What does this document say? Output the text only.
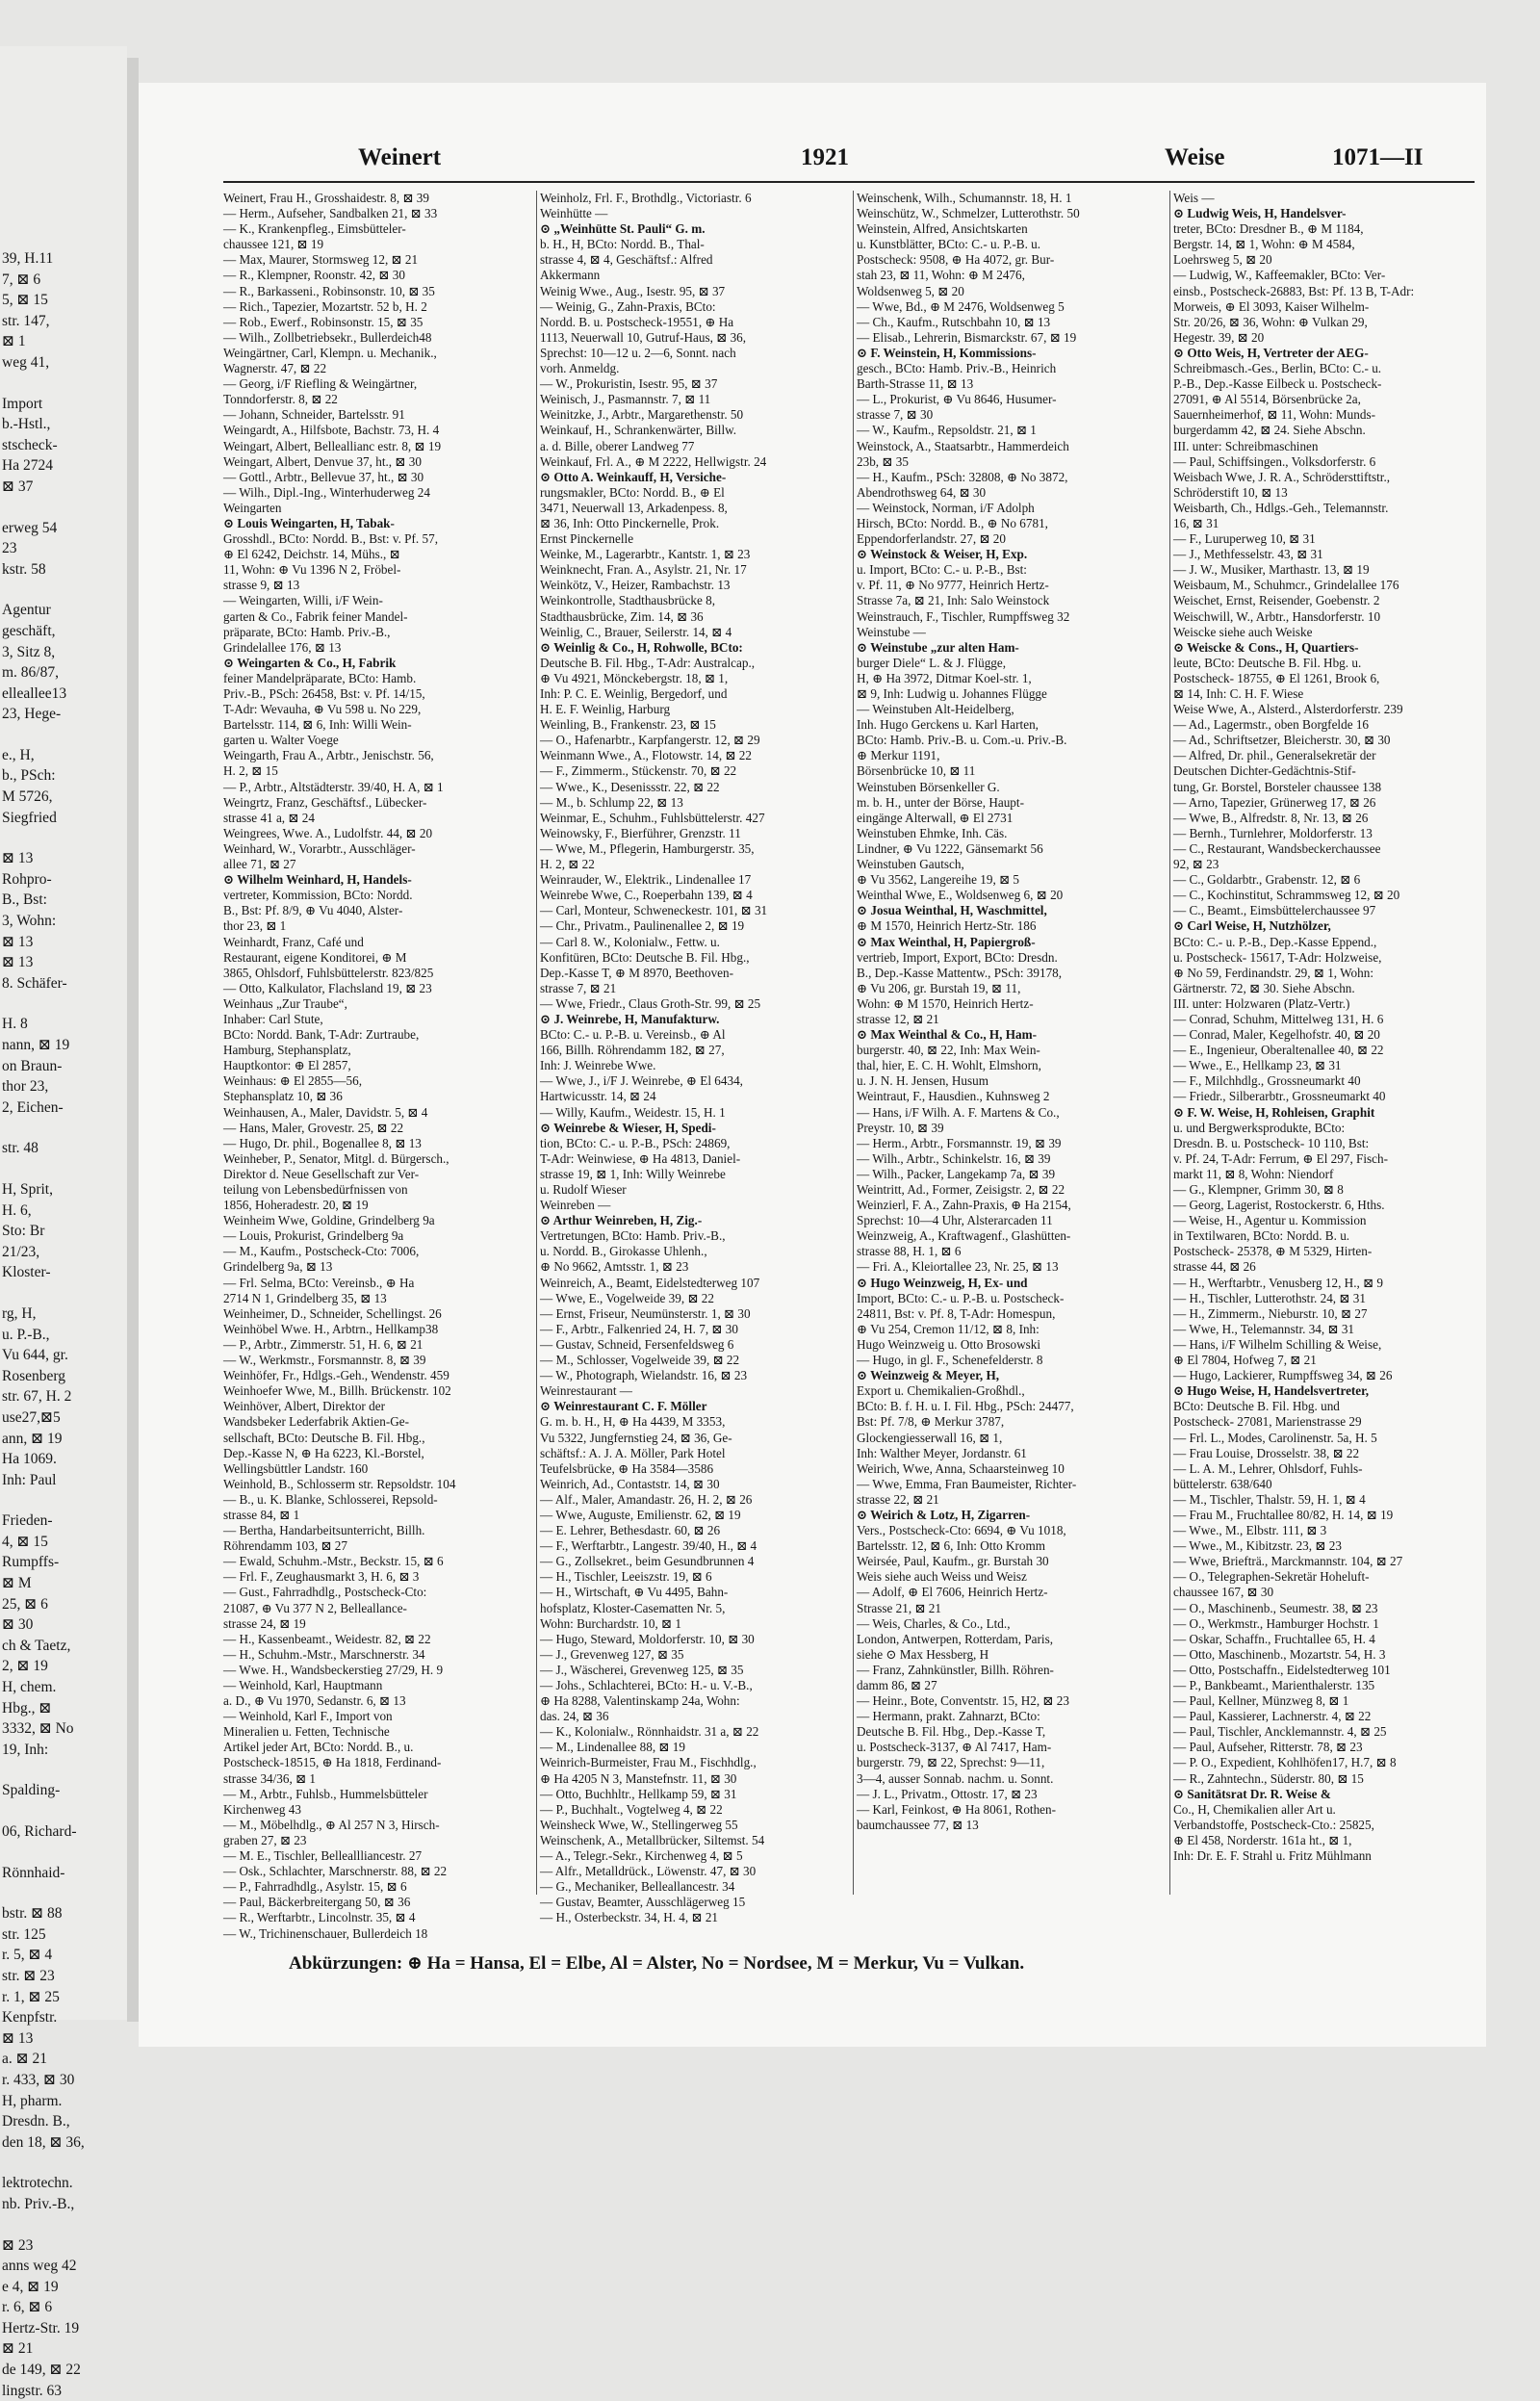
39, H.11
7, ⊠ 6
5, ⊠ 15
str. 147,
⊠ 1
weg 41,
Import
b.-Hstl.,
stscheck-
Ha 2724
⊠ 37
erweg 54
23
kstr. 58
Agentur
geschäft,
3, Sitz 8,
m. 86/87,
elleallee13
23, Hege-
e., H,
b., PSch:
M 5726,
Siegfried
⊠ 13
Rohpro-
B., Bst:
3, Wohn:
⊠ 13
⊠ 13
8. Schäfer-
H. 8
nann, ⊠ 19
on Braun-
thor 23,
2, Eichen-
str. 48
H, Sprit,
H. 6,
Sto: Br
21/23,
Kloster-
rg, H,
u. P.-B.,
Vu 644, gr.
Rosenberg
str. 67, H. 2
use27,⊠5
ann, ⊠ 19
Ha 1069.
Inh: Paul
Frieden-
4, ⊠ 15
Rumpffs-
⊠ M
25, ⊠ 6
⊠ 30
ch & Taetz,
2, ⊠ 19
H, chem.
Hbg., ⊠
3332, ⊠ No
19, Inh:
Spalding-
06, Richard-
Rönnhaid-
bstr. ⊠ 88
str. 125
r. 5, ⊠ 4
str. ⊠ 23
r. 1, ⊠ 25
Kenpfstr.
⊠ 13
a. ⊠ 21
r. 433, ⊠ 30
H, pharm.
Dresdn. B.,
den 18, ⊠ 36,
lektrotechn.
nb. Priv.-B.,
⊠ 23
anns weg 42
e 4, ⊠ 19
r. 6, ⊠ 6
Hertz-Str. 19
⊠ 21
de 149, ⊠ 22
lingstr. 63
Weinert	1921	Weise	1071—II
Weinert, Frau H., Grosshaidestr. 8, ⊠ 39
— Herm., Aufseher, Sandbalken 21, ⊠ 33
— K., Krankenpfleg., Eimsbütteler-
chaussee 121, ⊠ 19
— Max, Maurer, Stormsweg 12, ⊠ 21
— R., Klempner, Roonstr. 42, ⊠ 30
— R., Barkasseni., Robinsonstr. 10, ⊠ 35
— Rich., Tapezier, Mozartstr. 52 b, H. 2
— Rob., Ewerf., Robinsonstr. 15, ⊠ 35
— Wilh., Zollbetriebsekr., Bullerdeich48
Weingärtner, Carl, Klempn. u. Mechanik.,
Wagnerstr. 47, ⊠ 22
— Georg, i/F Riefling & Weingärtner,
Tonndorferstr. 8, ⊠ 22
— Johann, Schneider, Bartelsstr. 91
Weingardt, A., Hilfsbote, Bachstr. 73, H. 4
Weingart, Albert, Belleallianc estr. 8, ⊠ 19
Weingart, Albert, Denvue 37, ht., ⊠ 30
— Gottl., Arbtr., Bellevue 37, ht., ⊠ 30
— Wilh., Dipl.-Ing., Winterhuderweg 24
Weingarten
⊙ Louis Weingarten, H, Tabak-
Grosshdl., BCto: Nordd. B., Bst: v. Pf. 57,
⊕ El 6242, Deichstr. 14, Mühs., ⊠
11, Wohn: ⊕ Vu 1396 N 2, Fröbel-
strasse 9, ⊠ 13
— Weingarten, Willi, i/F Wein-
garten & Co., Fabrik feiner Mandel-
präparate, BCto: Hamb. Priv.-B.,
Grindelallee 176, ⊠ 13
⊙ Weingarten & Co., H, Fabrik
feiner Mandelpräparate, BCto: Hamb.
Priv.-B., PSch: 26458, Bst: v. Pf. 14/15,
T-Adr: Wevauha, ⊕ Vu 598 u. No 229,
Bartelsstr. 114, ⊠ 6, Inh: Willi Wein-
garten u. Walter Voege
Weingarth, Frau A., Arbtr., Jenischstr. 56,
H. 2, ⊠ 15
— P., Arbtr., Altstädterstr. 39/40, H. A, ⊠ 1
Weingrtz, Franz, Geschäftsf., Lübecker-
strasse 41 a, ⊠ 24
Weingrees, Wwe. A., Ludolfstr. 44, ⊠ 20
Weinhard, W., Vorarbtr., Ausschläger-
allee 71, ⊠ 27
⊙ Wilhelm Weinhard, H, Handels-
vertreter, Kommission, BCto: Nordd.
B., Bst: Pf. 8/9, ⊕ Vu 4040, Alster-
thor 23, ⊠ 1
Weinhardt, Franz, Café und
Restaurant, eigene Konditorei, ⊕ M
3865, Ohlsdorf, Fuhlsbüttelerstr. 823/825
— Otto, Kalkulator, Flachsland 19, ⊠ 23
Weinhaus „Zur Traube“,
Inhaber: Carl Stute,
BCto: Nordd. Bank, T-Adr: Zurtraube,
Hamburg, Stephansplatz,
Hauptkontor: ⊕ El 2857,
Weinhaus: ⊕ El 2855—56,
Stephansplatz 10, ⊠ 36
Weinhausen, A., Maler, Davidstr. 5, ⊠ 4
— Hans, Maler, Grovestr. 25, ⊠ 22
— Hugo, Dr. phil., Bogenallee 8, ⊠ 13
Weinheber, P., Senator, Mitgl. d. Bürgersch.,
Direktor d. Neue Gesellschaft zur Ver-
teilung von Lebensbedürfnissen von
1856, Hoheradestr. 20, ⊠ 19
Weinheim Wwe, Goldine, Grindelberg 9a
— Louis, Prokurist, Grindelberg 9a
— M., Kaufm., Postscheck-Cto: 7006,
Grindelberg 9a, ⊠ 13
— Frl. Selma, BCto: Vereinsb., ⊕ Ha
2714 N 1, Grindelberg 35, ⊠ 13
Weinheimer, D., Schneider, Schellingst. 26
Weinhöbel Wwe. H., Arbtrn., Hellkamp38
— P., Arbtr., Zimmerstr. 51, H. 6, ⊠ 21
— W., Werkmstr., Forsmannstr. 8, ⊠ 39
Weinhöfer, Fr., Hdlgs.-Geh., Wendenstr. 459
Weinhoefer Wwe, M., Billh. Brückenstr. 102
Weinhöver, Albert, Direktor der
Wandsbeker Lederfabrik Aktien-Ge-
sellschaft, BCto: Deutsche B. Fil. Hbg.,
Dep.-Kasse N, ⊕ Ha 6223, Kl.-Borstel,
Wellingsbüttler Landstr. 160
Weinhold, B., Schlosserm str. Repsoldstr. 104
— B., u. K. Blanke, Schlosserei, Repsold-
strasse 84, ⊠ 1
— Bertha, Handarbeitsunterricht, Billh.
Röhrendamm 103, ⊠ 27
— Ewald, Schuhm.-Mstr., Beckstr. 15, ⊠ 6
— Frl. F., Zeughausmarkt 3, H. 6, ⊠ 3
— Gust., Fahrradhdlg., Postscheck-Cto:
21087, ⊕ Vu 377 N 2, Belleallance-
strasse 24, ⊠ 19
— H., Kassenbeamt., Weidestr. 82, ⊠ 22
— H., Schuhm.-Mstr., Marschnerstr. 34
— Wwe. H., Wandsbeckerstieg 27/29, H. 9
— Weinhold, Karl, Hauptmann
a. D., ⊕ Vu 1970, Sedanstr. 6, ⊠ 13
— Weinhold, Karl F., Import von
Mineralien u. Fetten, Technische
Artikel jeder Art, BCto: Nordd. B., u.
Postscheck-18515, ⊕ Ha 1818, Ferdinand-
strasse 34/36, ⊠ 1
— M., Arbtr., Fuhlsb., Hummelsbütteler
Kirchenweg 43
— M., Möbelhdlg., ⊕ Al 257 N 3, Hirsch-
graben 27, ⊠ 23
— M. E., Tischler, Belleallliancestr. 27
— Osk., Schlachter, Marschnerstr. 88, ⊠ 22
— P., Fahrradhdlg., Asylstr. 15, ⊠ 6
— Paul, Bäckerbreitergang 50, ⊠ 36
— R., Werftarbtr., Lincolnstr. 35, ⊠ 4
— W., Trichinenschauer, Bullerdeich 18
Weinholz, Frl. F., Brothdlg., Victoriastr. 6
Weinhütte —
⊙ „Weinhütte St. Pauli“ G. m.
b. H., H, BCto: Nordd. B., Thal-
strasse 4, ⊠ 4, Geschäftsf.: Alfred
Akkermann
Weinig Wwe., Aug., Isestr. 95, ⊠ 37
— Weinig, G., Zahn-Praxis, BCto:
Nordd. B. u. Postscheck-19551, ⊕ Ha
1113, Neuerwall 10, Gutruf-Haus, ⊠ 36,
Sprechst: 10—12 u. 2—6, Sonnt. nach
vorh. Anmeldg.
— W., Prokuristin, Isestr. 95, ⊠ 37
Weinisch, J., Pasmannstr. 7, ⊠ 11
Weinitzke, J., Arbtr., Margarethenstr. 50
Weinkauf, H., Schrankenwärter, Billw.
a. d. Bille, oberer Landweg 77
Weinkauf, Frl. A., ⊕ M 2222, Hellwigstr. 24
⊙ Otto A. Weinkauff, H, Versiche-
rungsmakler, BCto: Nordd. B., ⊕ El
3471, Neuerwall 13, Arkadenpess. 8,
⊠ 36, Inh: Otto Pinckernelle, Prok.
Ernst Pinckernelle
Weinke, M., Lagerarbtr., Kantstr. 1, ⊠ 23
Weinknecht, Fran. A., Asylstr. 21, Nr. 17
Weinkötz, V., Heizer, Rambachstr. 13
Weinkontrolle, Stadthausbrücke 8,
Stadthausbrücke, Zim. 14, ⊠ 36
Weinlig, C., Brauer, Seilerstr. 14, ⊠ 4
⊙ Weinlig & Co., H, Rohwolle, BCto:
Deutsche B. Fil. Hbg., T-Adr: Australcap.,
⊕ Vu 4921, Mönckebergstr. 18, ⊠ 1,
Inh: P. C. E. Weinlig, Bergedorf, und
H. E. F. Weinlig, Harburg
Weinling, B., Frankenstr. 23, ⊠ 15
— O., Hafenarbtr., Karpfangerstr. 12, ⊠ 29
Weinmann Wwe., A., Flotowstr. 14, ⊠ 22
— F., Zimmerm., Stückenstr. 70, ⊠ 22
— Wwe., K., Desenissstr. 22, ⊠ 22
— M., b. Schlump 22, ⊠ 13
Weinmar, E., Schuhm., Fuhlsbüttelerstr. 427
Weinowsky, F., Bierführer, Grenzstr. 11
— Wwe, M., Pflegerin, Hamburgerstr. 35,
H. 2, ⊠ 22
Weinrauder, W., Elektrik., Lindenallee 17
Weinrebe Wwe, C., Roeperbahn 139, ⊠ 4
— Carl, Monteur, Schweneckestr. 101, ⊠ 31
— Chr., Privatm., Paulinenallee 2, ⊠ 19
— Carl 8. W., Kolonialw., Fettw. u.
Konfitüren, BCto: Deutsche B. Fil. Hbg.,
Dep.-Kasse T, ⊕ M 8970, Beethoven-
strasse 7, ⊠ 21
— Wwe, Friedr., Claus Groth-Str. 99, ⊠ 25
⊙ J. Weinrebe, H, Manufakturw.
BCto: C.- u. P.-B. u. Vereinsb., ⊕ Al
166, Billh. Röhrendamm 182, ⊠ 27,
Inh: J. Weinrebe Wwe.
— Wwe, J., i/F J. Weinrebe, ⊕ El 6434,
Hartwicusstr. 14, ⊠ 24
— Willy, Kaufm., Weidestr. 15, H. 1
⊙ Weinrebe & Wieser, H, Spedi-
tion, BCto: C.- u. P.-B., PSch: 24869,
T-Adr: Weinwiese, ⊕ Ha 4813, Daniel-
strasse 19, ⊠ 1, Inh: Willy Weinrebe
u. Rudolf Wieser
Weinreben —
⊙ Arthur Weinreben, H, Zig.-
Vertretungen, BCto: Hamb. Priv.-B.,
u. Nordd. B., Girokasse Uhlenh.,
⊕ No 9662, Amtsstr. 1, ⊠ 23
Weinreich, A., Beamt, Eidelstedterweg 107
— Wwe, E., Vogelweide 39, ⊠ 22
— Ernst, Friseur, Neumünsterstr. 1, ⊠ 30
— F., Arbtr., Falkenried 24, H. 7, ⊠ 30
— Gustav, Schneid, Fersenfeldsweg 6
— M., Schlosser, Vogelweide 39, ⊠ 22
— W., Photograph, Wielandstr. 16, ⊠ 23
Weinrestaurant —
⊙ Weinrestaurant C. F. Möller
G. m. b. H., H, ⊕ Ha 4439, M 3353,
Vu 5322, Jungfernstieg 24, ⊠ 36, Ge-
schäftsf.: A. J. A. Möller, Park Hotel
Teufelsbrücke, ⊕ Ha 3584—3586
Weinrich, Ad., Contaststr. 14, ⊠ 30
— Alf., Maler, Amandastr. 26, H. 2, ⊠ 26
— Wwe, Auguste, Emilienstr. 62, ⊠ 19
— E. Lehrer, Bethesdastr. 60, ⊠ 26
— F., Werftarbtr., Langestr. 39/40, H., ⊠ 4
— G., Zollsekret., beim Gesundbrunnen 4
— H., Tischler, Leeiszstr. 19, ⊠ 6
— H., Wirtschaft, ⊕ Vu 4495, Bahn-
hofsplatz, Kloster-Casematten Nr. 5,
Wohn: Burchardstr. 10, ⊠ 1
— Hugo, Steward, Moldorferstr. 10, ⊠ 30
— J., Grevenweg 127, ⊠ 35
— J., Wäscherei, Grevenweg 125, ⊠ 35
— Johs., Schlachterei, BCto: H.- u. V.-B.,
⊕ Ha 8288, Valentinskamp 24a, Wohn:
das. 24, ⊠ 36
— K., Kolonialw., Rönnhaidstr. 31 a, ⊠ 22
— M., Lindenallee 88, ⊠ 19
Weinrich-Burmeister, Frau M., Fischhdlg.,
⊕ Ha 4205 N 3, Manstefnstr. 11, ⊠ 30
— Otto, Buchhltr., Hellkamp 59, ⊠ 31
— P., Buchhalt., Vogtelweg 4, ⊠ 22
Weinsheck Wwe, W., Stellingerweg 55
Weinschenk, A., Metallbrücker, Siltemst. 54
— A., Telegr.-Sekr., Kirchenweg 4, ⊠ 5
— Alfr., Metalldrück., Löwenstr. 47, ⊠ 30
— G., Mechaniker, Belleallancestr. 34
— Gustav, Beamter, Ausschlägerweg 15
— H., Osterbeckstr. 34, H. 4, ⊠ 21
Weinschenk, Wilh., Schumannstr. 18, H. 1
Weinschütz, W., Schmelzer, Lutterothstr. 50
Weinstein, Alfred, Ansichtskarten
u. Kunstblätter, BCto: C.- u. P.-B. u.
Postscheck: 9508, ⊕ Ha 4072, gr. Bur-
stah 23, ⊠ 11, Wohn: ⊕ M 2476,
Woldsenweg 5, ⊠ 20
— Wwe, Bd., ⊕ M 2476, Woldsenweg 5
— Ch., Kaufm., Rutschbahn 10, ⊠ 13
— Elisab., Lehrerin, Bismarckstr. 67, ⊠ 19
⊙ F. Weinstein, H, Kommissions-
gesch., BCto: Hamb. Priv.-B., Heinrich
Barth-Strasse 11, ⊠ 13
— L., Prokurist, ⊕ Vu 8646, Husumer-
strasse 7, ⊠ 30
— W., Kaufm., Repsoldstr. 21, ⊠ 1
Weinstock, A., Staatsarbtr., Hammerdeich
23b, ⊠ 35
— H., Kaufm., PSch: 32808, ⊕ No 3872,
Abendrothsweg 64, ⊠ 30
— Weinstock, Norman, i/F Adolph
Hirsch, BCto: Nordd. B., ⊕ No 6781,
Eppendorferlandstr. 27, ⊠ 20
⊙ Weinstock & Weiser, H, Exp.
u. Import, BCto: C.- u. P.-B., Bst:
v. Pf. 11, ⊕ No 9777, Heinrich Hertz-
Strasse 7a, ⊠ 21, Inh: Salo Weinstock
Weinstrauch, F., Tischler, Rumpffsweg 32
Weinstube —
⊙ Weinstube „zur alten Ham-
burger Diele“ L. & J. Flügge,
H, ⊕ Ha 3972, Ditmar Koel-str. 1,
⊠ 9, Inh: Ludwig u. Johannes Flügge
— Weinstuben Alt-Heidelberg,
Inh. Hugo Gerckens u. Karl Harten,
BCto: Hamb. Priv.-B. u. Com.-u. Priv.-B.
⊕ Merkur 1191,
Börsenbrücke 10, ⊠ 11
Weinstuben Börsenkeller G.
m. b. H., unter der Börse, Haupt-
eingänge Alterwall, ⊕ El 2731
Weinstuben Ehmke, Inh. Cäs.
Lindner, ⊕ Vu 1222, Gänsemarkt 56
Weinstuben Gautsch,
⊕ Vu 3562, Langereihe 19, ⊠ 5
Weinthal Wwe, E., Woldsenweg 6, ⊠ 20
⊙ Josua Weinthal, H, Waschmittel,
⊕ M 1570, Heinrich Hertz-Str. 186
⊙ Max Weinthal, H, Papiergroß-
vertrieb, Import, Export, BCto: Dresdn.
B., Dep.-Kasse Mattentw., PSch: 39178,
⊕ Vu 206, gr. Burstah 19, ⊠ 11,
Wohn: ⊕ M 1570, Heinrich Hertz-
strasse 12, ⊠ 21
⊙ Max Weinthal & Co., H, Ham-
burgerstr. 40, ⊠ 22, Inh: Max Wein-
thal, hier, E. C. H. Wohlt, Elmshorn,
u. J. N. H. Jensen, Husum
Weintraut, F., Hausdien., Kuhnsweg 2
— Hans, i/F Wilh. A. F. Martens & Co.,
Preystr. 10, ⊠ 39
— Herm., Arbtr., Forsmannstr. 19, ⊠ 39
— Wilh., Arbtr., Schinkelstr. 16, ⊠ 39
— Wilh., Packer, Langekamp 7a, ⊠ 39
Weintritt, Ad., Former, Zeisigstr. 2, ⊠ 22
Weinzierl, F. A., Zahn-Praxis, ⊕ Ha 2154,
Sprechst: 10—4 Uhr, Alsterarcaden 11
Weinzweig, A., Kraftwagenf., Glashütten-
strasse 88, H. 1, ⊠ 6
— Fri. A., Kleiortallee 23, Nr. 25, ⊠ 13
⊙ Hugo Weinzweig, H, Ex- und
Import, BCto: C.- u. P.-B. u. Postscheck-
24811, Bst: v. Pf. 8, T-Adr: Homespun,
⊕ Vu 254, Cremon 11/12, ⊠ 8, Inh:
Hugo Weinzweig u. Otto Brosowski
— Hugo, in gl. F., Schenefelderstr. 8
⊙ Weinzweig & Meyer, H,
Export u. Chemikalien-Großhdl.,
BCto: B. f. H. u. I. Fil. Hbg., PSch: 24477,
Bst: Pf. 7/8, ⊕ Merkur 3787,
Glockengiesserwall 16, ⊠ 1,
Inh: Walther Meyer, Jordanstr. 61
Weirich, Wwe, Anna, Schaarsteinweg 10
— Wwe, Emma, Fran Baumeister, Richter-
strasse 22, ⊠ 21
⊙ Weirich & Lotz, H, Zigarren-
Vers., Postscheck-Cto: 6694, ⊕ Vu 1018,
Bartelsstr. 12, ⊠ 6, Inh: Otto Kromm
Weirsée, Paul, Kaufm., gr. Burstah 30
Weis siehe auch Weiss und Weisz
— Adolf, ⊕ El 7606, Heinrich Hertz-
Strasse 21, ⊠ 21
— Weis, Charles, & Co., Ltd.,
London, Antwerpen, Rotterdam, Paris,
siehe ⊙ Max Hessberg, H
— Franz, Zahnkünstler, Billh. Röhren-
damm 86, ⊠ 27
— Heinr., Bote, Conventstr. 15, H2, ⊠ 23
— Hermann, prakt. Zahnarzt, BCto:
Deutsche B. Fil. Hbg., Dep.-Kasse T,
u. Postscheck-3137, ⊕ Al 7417, Ham-
burgerstr. 79, ⊠ 22, Sprechst: 9—11,
3—4, ausser Sonnab. nachm. u. Sonnt.
— J. L., Privatm., Ottostr. 17, ⊠ 23
— Karl, Feinkost, ⊕ Ha 8061, Rothen-
baumchaussee 77, ⊠ 13
Weis —
⊙ Ludwig Weis, H, Handelsver-
treter, BCto: Dresdner B., ⊕ M 1184,
Bergstr. 14, ⊠ 1, Wohn: ⊕ M 4584,
Loehrsweg 5, ⊠ 20
— Ludwig, W., Kaffeemakler, BCto: Ver-
einsb., Postscheck-26883, Bst: Pf. 13 B, T-Adr:
Morweis, ⊕ El 3093, Kaiser Wilhelm-
Str. 20/26, ⊠ 36, Wohn: ⊕ Vulkan 29,
Hegestr. 39, ⊠ 20
⊙ Otto Weis, H, Vertreter der AEG-
Schreibmasch.-Ges., Berlin, BCto: C.- u.
P.-B., Dep.-Kasse Eilbeck u. Postscheck-
27091, ⊕ Al 5514, Börsenbrücke 2a,
Sauernheimerhof, ⊠ 11, Wohn: Munds-
burgerdamm 42, ⊠ 24. Siehe Abschn.
III. unter: Schreibmaschinen
— Paul, Schiffsingen., Volksdorferstr. 6
Weisbach Wwe, J. R. A., Schrödersttiftstr.,
Schröderstift 10, ⊠ 13
Weisbarth, Ch., Hdlgs.-Geh., Telemannstr.
16, ⊠ 31
— F., Luruperweg 10, ⊠ 31
— J., Methfesselstr. 43, ⊠ 31
— J. W., Musiker, Marthastr. 13, ⊠ 19
Weisbaum, M., Schuhmcr., Grindelallee 176
Weischet, Ernst, Reisender, Goebenstr. 2
Weischwill, W., Arbtr., Hansdorferstr. 10
Weiscke siehe auch Weiske
⊙ Weiscke & Cons., H, Quartiers-
leute, BCto: Deutsche B. Fil. Hbg. u.
Postscheck- 18755, ⊕ El 1261, Brook 6,
⊠ 14, Inh: C. H. F. Wiese
Weise Wwe, A., Alsterd., Alsterdorferstr. 239
— Ad., Lagermstr., oben Borgfelde 16
— Ad., Schriftsetzer, Bleicherstr. 30, ⊠ 30
— Alfred, Dr. phil., Generalsekretär der
Deutschen Dichter-Gedächtnis-Stif-
tung, Gr. Borstel, Borsteler chaussee 138
— Arno, Tapezier, Grünerweg 17, ⊠ 26
— Wwe, B., Alfredstr. 8, Nr. 13, ⊠ 26
— Bernh., Turnlehrer, Moldorferstr. 13
— C., Restaurant, Wandsbeckerchaussee
92, ⊠ 23
— C., Goldarbtr., Grabenstr. 12, ⊠ 6
— C., Kochinstitut, Schrammsweg 12, ⊠ 20
— C., Beamt., Eimsbüttelerchaussee 97
⊙ Carl Weise, H, Nutzhölzer,
BCto: C.- u. P.-B., Dep.-Kasse Eppend.,
u. Postscheck- 15617, T-Adr: Holzweise,
⊕ No 59, Ferdinandstr. 29, ⊠ 1, Wohn:
Gärtnerstr. 72, ⊠ 30. Siehe Abschn.
III. unter: Holzwaren (Platz-Vertr.)
— Conrad, Schuhm, Mittelweg 131, H. 6
— Conrad, Maler, Kegelhofstr. 40, ⊠ 20
— E., Ingenieur, Oberaltenallee 40, ⊠ 22
— Wwe., E., Hellkamp 23, ⊠ 31
— F., Milchhdlg., Grossneumarkt 40
— Friedr., Silberarbtr., Grossneumarkt 40
⊙ F. W. Weise, H, Rohleisen, Graphit
u. und Bergwerksprodukte, BCto:
Dresdn. B. u. Postscheck- 10 110, Bst:
v. Pf. 24, T-Adr: Ferrum, ⊕ El 297, Fisch-
markt 11, ⊠ 8, Wohn: Niendorf
— G., Klempner, Grimm 30, ⊠ 8
— Georg, Lagerist, Rostockerstr. 6, Hths.
— Weise, H., Agentur u. Kommission
in Textilwaren, BCto: Nordd. B. u.
Postscheck- 25378, ⊕ M 5329, Hirten-
strasse 44, ⊠ 26
— H., Werftarbtr., Venusberg 12, H., ⊠ 9
— H., Tischler, Lutterothstr. 24, ⊠ 31
— H., Zimmerm., Nieburstr. 10, ⊠ 27
— Wwe, H., Telemannstr. 34, ⊠ 31
— Hans, i/F Wilhelm Schilling & Weise,
⊕ El 7804, Hofweg 7, ⊠ 21
— Hugo, Lackierer, Rumpffsweg 34, ⊠ 26
⊙ Hugo Weise, H, Handelsvertreter,
BCto: Deutsche B. Fil. Hbg. und
Postscheck- 27081, Marienstrasse 29
— Frl. L., Modes, Carolinenstr. 5a, H. 5
— Frau Louise, Drosselstr. 38, ⊠ 22
— L. A. M., Lehrer, Ohlsdorf, Fuhls-
büttelerstr. 638/640
— M., Tischler, Thalstr. 59, H. 1, ⊠ 4
— Frau M., Fruchtallee 80/82, H. 14, ⊠ 19
— Wwe., M., Elbstr. 111, ⊠ 3
— Wwe., M., Kibitzstr. 23, ⊠ 23
— Wwe, Briefträ., Marckmannstr. 104, ⊠ 27
— O., Telegraphen-Sekretär Hoheluft-
chaussee 167, ⊠ 30
— O., Maschinenb., Seumestr. 38, ⊠ 23
— O., Werkmstr., Hamburger Hochstr. 1
— Oskar, Schaffn., Fruchtallee 65, H. 4
— Otto, Maschinenb., Mozartstr. 54, H. 3
— Otto, Postschaffn., Eidelstedterweg 101
— P., Bankbeamt., Marienthalerstr. 135
— Paul, Kellner, Münzweg 8, ⊠ 1
— Paul, Kassierer, Lachnerstr. 4, ⊠ 22
— Paul, Tischler, Ancklemannstr. 4, ⊠ 25
— Paul, Aufseher, Ritterstr. 78, ⊠ 23
— P. O., Expedient, Kohlhöfen17, H.7, ⊠ 8
— R., Zahntechn., Süderstr. 80, ⊠ 15
⊙ Sanitätsrat Dr. R. Weise &
Co., H, Chemikalien aller Art u.
Verbandstoffe, Postscheck-Cto.: 25825,
⊕ El 458, Norderstr. 161a ht., ⊠ 1,
Inh: Dr. E. F. Strahl u. Fritz Mühlmann
Abkürzungen: ⊕ Ha = Hansa, El = Elbe, Al = Alster, No = Nordsee, M = Merkur, Vu = Vulkan.
